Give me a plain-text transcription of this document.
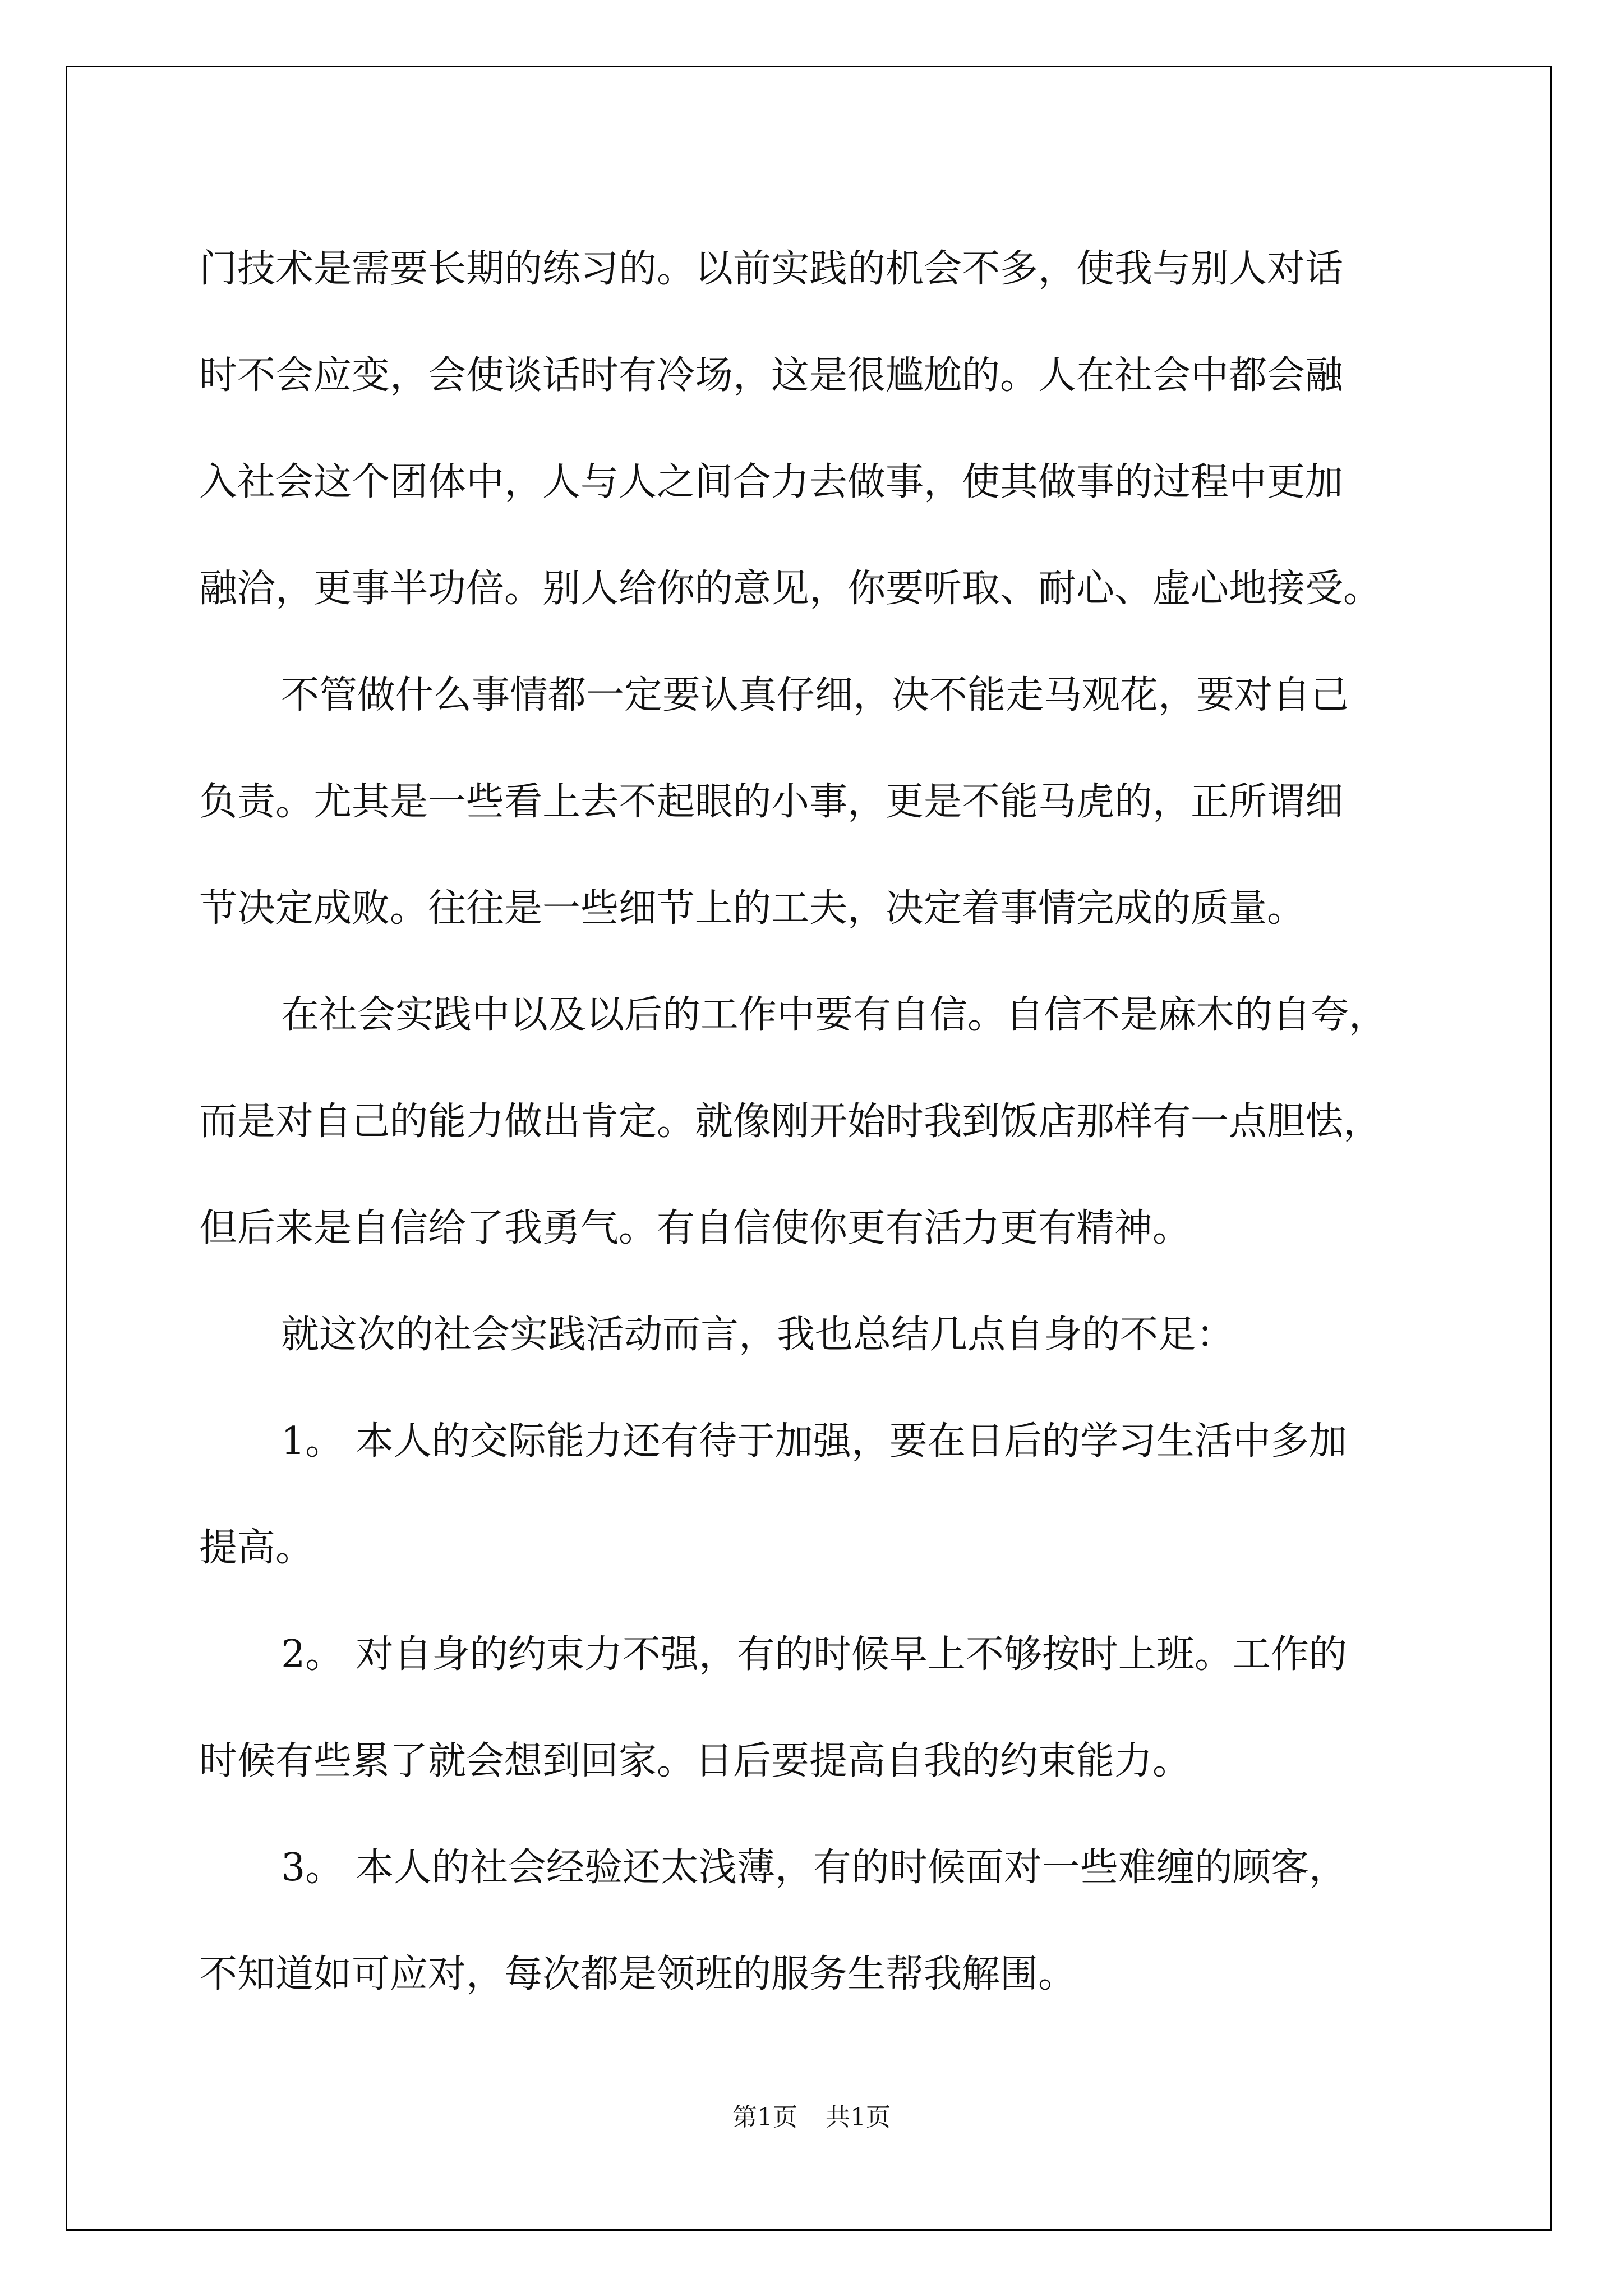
门技术是需要长期的练习的。以前实践的机会不多，使我与别人对话
时不会应变，会使谈话时有冷场，这是很尴尬的。人在社会中都会融
入社会这个团体中，人与人之间合力去做事，使其做事的过程中更加
融洽，更事半功倍。别人给你的意见，你要听取、耐心、虚心地接受。
不管做什么事情都一定要认真仔细，决不能走马观花，要对自己
负责。尤其是一些看上去不起眼的小事，更是不能马虎的，正所谓细
节决定成败。往往是一些细节上的工夫，决定着事情完成的质量。
在社会实践中以及以后的工作中要有自信。自信不是麻木的自夸，
而是对自己的能力做出肯定。就像刚开始时我到饭店那样有一点胆怯，
但后来是自信给了我勇气。有自信使你更有活力更有精神。
就这次的社会实践活动而言，我也总结几点自身的不足：
1。 本人的交际能力还有待于加强，要在日后的学习生活中多加
提高。
2。 对自身的约束力不强，有的时候早上不够按时上班。工作的
时候有些累了就会想到回家。日后要提高自我的约束能力。
3。 本人的社会经验还太浅薄，有的时候面对一些难缠的顾客，
不知道如可应对，每次都是领班的服务生帮我解围。
第1页 共1页
